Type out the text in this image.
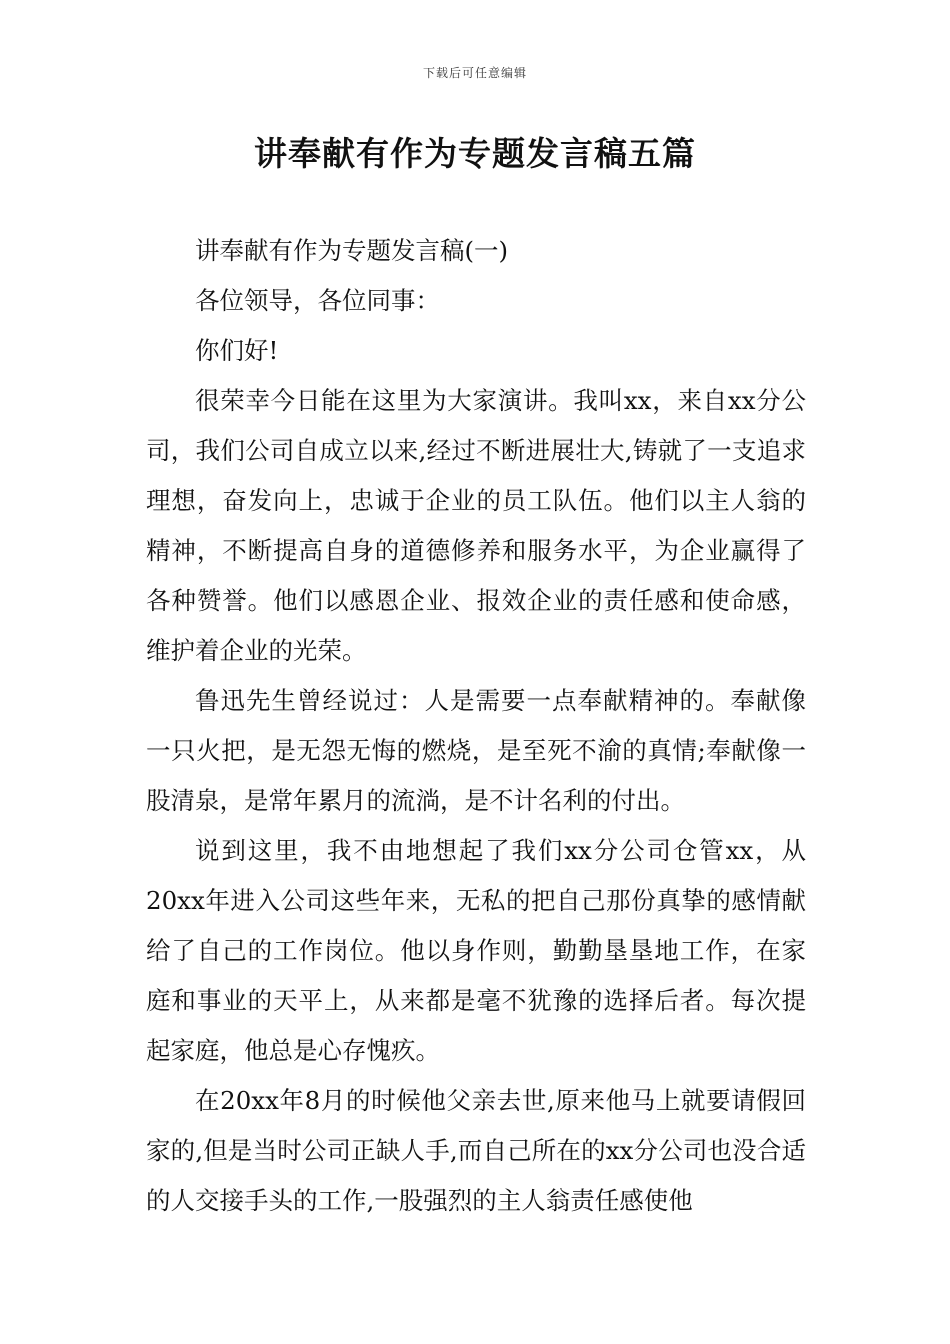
下载后可任意编辑
讲奉献有作为专题发言稿五篇

讲奉献有作为专题发言稿(一)

各位领导，各位同事：

你们好!

很荣幸今日能在这里为大家演讲。我叫xx，来自xx分公司，我们公司自成立以来,经过不断进展壮大,铸就了一支追求理想，奋发向上，忠诚于企业的员工队伍。他们以主人翁的精神，不断提高自身的道德修养和服务水平，为企业赢得了各种赞誉。他们以感恩企业、报效企业的责任感和使命感，维护着企业的光荣。

鲁迅先生曾经说过：人是需要一点奉献精神的。奉献像一只火把，是无怨无悔的燃烧，是至死不渝的真情;奉献像一股清泉，是常年累月的流淌，是不计名利的付出。

说到这里，我不由地想起了我们xx分公司仓管xx，从20xx年进入公司这些年来，无私的把自己那份真挚的感情献给了自己的工作岗位。他以身作则，勤勤垦垦地工作，在家庭和事业的天平上，从来都是毫不犹豫的选择后者。每次提起家庭，他总是心存愧疚。

在20xx年8月的时候他父亲去世,原来他马上就要请假回家的,但是当时公司正缺人手,而自己所在的xx分公司也没合适的人交接手头的工作,一股强烈的主人翁责任感使他
